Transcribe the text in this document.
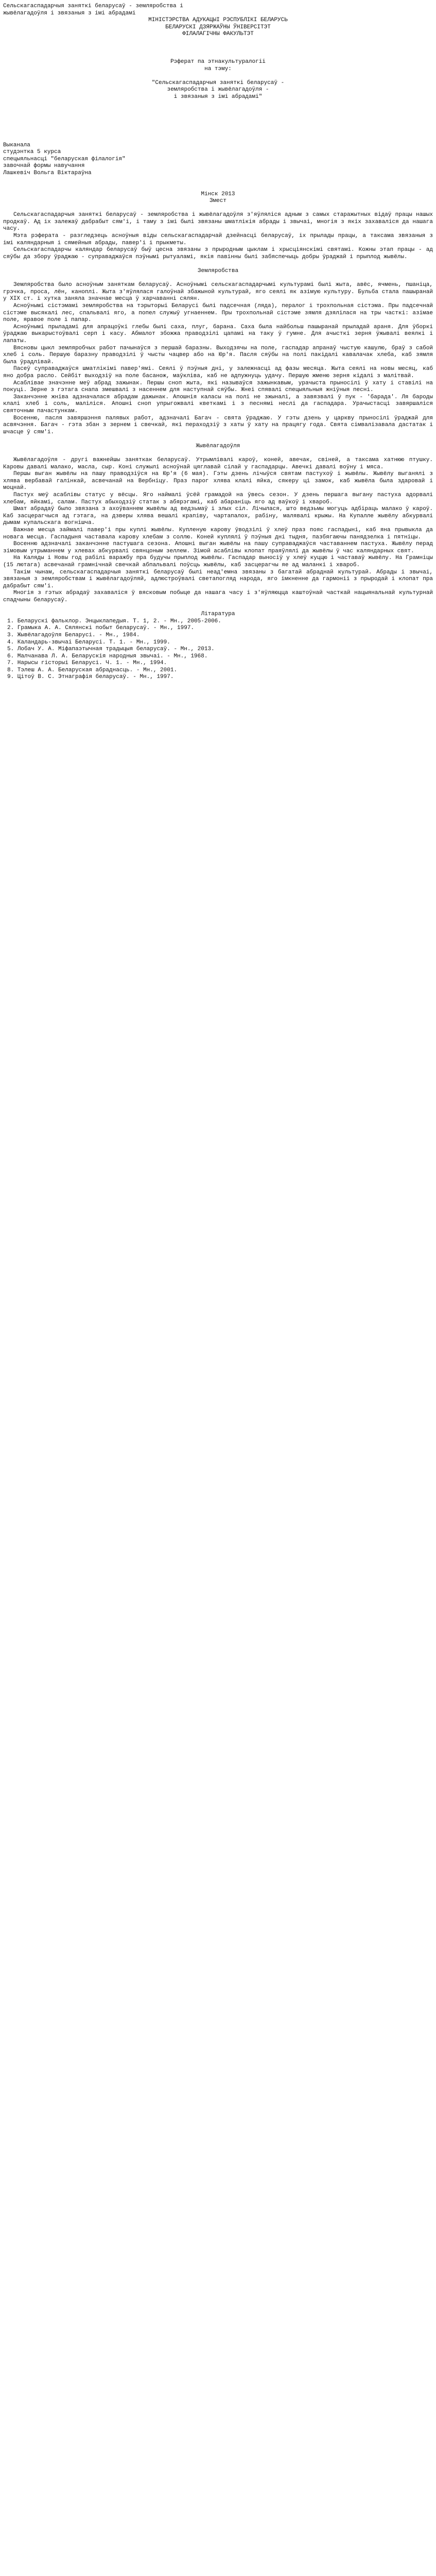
Сельскагаспадарчыя заняткі беларусаў - земляробства і
жывёлагадоўля і звязаныя з імі абрадамі
МІНІСТЭРСТВА АДУКАЦЫІ РЭСПУБЛІКІ БЕЛАРУСЬ
БЕЛАРУСКІ ДЗЯРЖАЎНЫ ЎНІВЕРСІТЭТ
ФІЛАЛАГІЧНЫ ФАКУЛЬТЭТ
Рэферат па этнакультуралогіі
на тэму:
"Сельскагаспадарчыя заняткі беларусаў -
земляробства і жывёлагадоўля -
і звязаныя з імі абрадамі"
Выканала
студэнтка 5 курса
спецыяльнасці "беларуская філалогія"
завочнай формы навучання
Лашкевіч Вольга Віктараўна
Мінск 2013
Змест

Сельскагаспадарчыя заняткі беларусаў - земляробства і жывёлагадоўля з'яўляліся адным з самых старажытных відаў працы нашых продкаў. Ад іх залежаў дабрабыт сям'і, і таму з імі былі звязаны шматлікія абрады і звычаі, многія з якіх захаваліся да нашага часу.

Мэта рэферата - разгледзець асноўныя віды сельскагаспадарчай дзейнасці беларусаў, іх прылады працы, а таксама звязаныя з імі каляндарныя і сямейныя абрады, павер'і і прыкметы.

Сельскагаспадарчы каляндар беларусаў быў цесна звязаны з прыродным цыклам і хрысціянскімі святамі. Кожны этап працы - ад сяўбы да збору ўраджаю - суправаджаўся пэўнымі рытуаламі, якія павінны былі забяспечыць добры ўраджай і прыплод жывёлы.

Земляробства

Земляробства было асноўным заняткам беларусаў. Асноўнымі сельскагаспадарчымі культурамі былі жыта, авёс, ячмень, пшаніца, грэчка, проса, лён, каноплі. Жыта з'яўлялася галоўнай збажыной культурай, яго сеялі як азімую культуру. Бульба стала пашыранай у XIX ст. і хутка заняла значнае месца ў харчаванні сялян.

Асноўнымі сістэмамі земляробства на тэрыторыі Беларусі былі падсечная (ляда), пералог і трохпольная сістэма. Пры падсечнай сістэме высякалі лес, спальвалі яго, а попел служыў угнаеннем. Пры трохпольнай сістэме зямля дзялілася на тры часткі: азімае поле, яравое поле і папар.

Асноўнымі прыладамі для апрацоўкі глебы былі саха, плуг, барана. Саха была найбольш пашыранай прыладай араня. Для ўборкі ўраджаю выкарыстоўвалі серп і касу. Абмалот збожжа праводзілі цапамі на таку ў гумне. Для ачысткі зерня ўжывалі веялкі і лапаты.

Вясновы цыкл земляробчых работ пачынаўся з першай баразны. Выходзячы на поле, гаспадар апранаў чыстую кашулю, браў з сабой хлеб і соль. Першую баразну праводзілі ў чысты чацвер або на Юр'я. Пасля сяўбы на полі пакідалі кавалачак хлеба, каб зямля была ўрадлівай.

Пасеў суправаджаўся шматлікімі павер'ямі. Сеялі ў пэўныя дні, у залежнасці ад фазы месяца. Жыта сеялі на новы месяц, каб яно добра расло. Сейбіт выходзіў на поле басанож, маўкліва, каб не адпужнуць удачу. Першую жменю зерня кідалі з малітвай.

Асаблівае значэнне меў абрад зажынак. Першы сноп жыта, які называўся зажынкавым, урачыста прыносілі ў хату і ставілі на покуці. Зерне з гэтага снапа змешвалі з насеннем для наступнай сяўбы. Жнеі спявалі спецыяльныя жніўныя песні.

Заканчэнне жніва адзначалася абрадам дажынак. Апошнія каласы на полі не зжыналі, а завязвалі ў пук - 'барада'. Ля бароды клалі хлеб і соль, маліліся. Апошні сноп упрыгожвалі кветкамі і з песнямі неслі да гаспадара. Урачыстасці завяршаліся святочным пачастункам.

Восенню, пасля завяршэння палявых работ, адзначалі Багач - свята ўраджаю. У гэты дзень у царкву прыносілі ўраджай для асвячэння. Багач - гэта збан з зернем і свечкай, які пераходзіў з хаты ў хату на працягу года. Свята сімвалізавала дастатак і шчасце ў сям'і.

Жывёлагадоўля

Жывёлагадоўля - другі важнейшы заняткак беларусаў. Утрымлівалі кароў, коней, авечак, свіней, а таксама хатнюю птушку. Каровы давалі малако, масла, сыр. Коні служылі асноўнай цяглавай сілай у гаспадарцы. Авечкі давалі воўну і мяса.

Першы выган жывёлы на пашу праводзіўся на Юр'я (6 мая). Гэты дзень лічыўся святам пастухоў і жывёлы. Жывёлу выганялі з хлява вербавай галінкай, асвечанай на Вербніцу. Праз парог хлява клалі яйка, сякеру ці замок, каб жывёла была здаровай і моцнай.

Пастух меў асаблівы статус у вёсцы. Яго наймалі ўсёй грамадой на ўвесь сезон. У дзень першага выгану пастуха адорвалі хлебам, яйкамі, салам. Пастух абыходзіў статак з абярэгамі, каб абараніць яго ад ваўкоў і хвароб.

Шмат абрадаў было звязана з ахоўваннем жывёлы ад ведзьмаў і злых сіл. Лічылася, што ведзьмы могуць адбіраць малако ў кароў. Каб засцерагчыся ад гэтага, на дзверы хлява вешалі крапіву, чартапалох, рабіну, малявалі крыжы. На Купалле жывёлу абкурвалі дымам купальскага вогнішча.

Важнае месца займалі павер'і пры куплі жывёлы. Купленую карову ўводзілі ў хлеў праз пояс гаспадыні, каб яна прывыкла да новага месца. Гаспадыня частавала карову хлебам з соллю. Коней куплялі ў пэўныя дні тыдня, пазбягаючы панядзелка і пятніцы.

Восенню адзначалі заканчэнне пастушага сезона. Апошні выган жывёлы на пашу суправаджаўся частаваннем пастуха. Жывёлу перад зімовым утрыманнем у хлевах абкурвалі свянцоным зеллем. Зімой асаблівы клопат праяўлялі да жывёлы ў час каляндарных свят.

На Каляды і Новы год рабілі варажбу пра будучы прыплод жывёлы. Гаспадар выносіў у хлеў куццю і частаваў жывёлу. На Грамніцы (15 лютага) асвечанай грамнічнай свечкай абпальвалі поўсць жывёлы, каб засцерагчы яе ад маланкі і хвароб.

Такім чынам, сельскагаспадарчыя заняткі беларусаў былі неад'емна звязаны з багатай абраднай культурай. Абрады і звычаі, звязаныя з земляробствам і жывёлагадоўляй, адлюстроўвалі светапогляд народа, яго імкненне да гармоніі з прыродай і клопат пра дабрабыт сям'і.

Многія з гэтых абрадаў захаваліся ў вясковым побыце да нашага часу і з'яўляюцца каштоўнай часткай нацыянальнай культурнай спадчыны беларусаў.

Літаратура
1. Беларускі фальклор. Энцыклапедыя. Т. 1, 2. - Мн., 2005-2006.
2. Грамыка А. А. Сялянскі побыт беларусаў. - Мн., 1997.
3. Жывёлагадоўля Беларусі. - Мн., 1984.
4. Каландарь-звычаі Беларусі. Т. 1. - Мн., 1999.
5. Лобач У. А. Міфапаэтычная традыцыя беларусаў. - Мн., 2013.
6. Малчанава Л. А. Беларускія народныя звычаі. - Мн., 1968.
7. Нарысы гісторыі Беларусі. Ч. 1. - Мн., 1994.
8. Тэлеш А. А. Беларуская абраднасць. - Мн., 2001.
9. Цітоў В. С. Этнаграфія беларусаў. - Мн., 1997.
